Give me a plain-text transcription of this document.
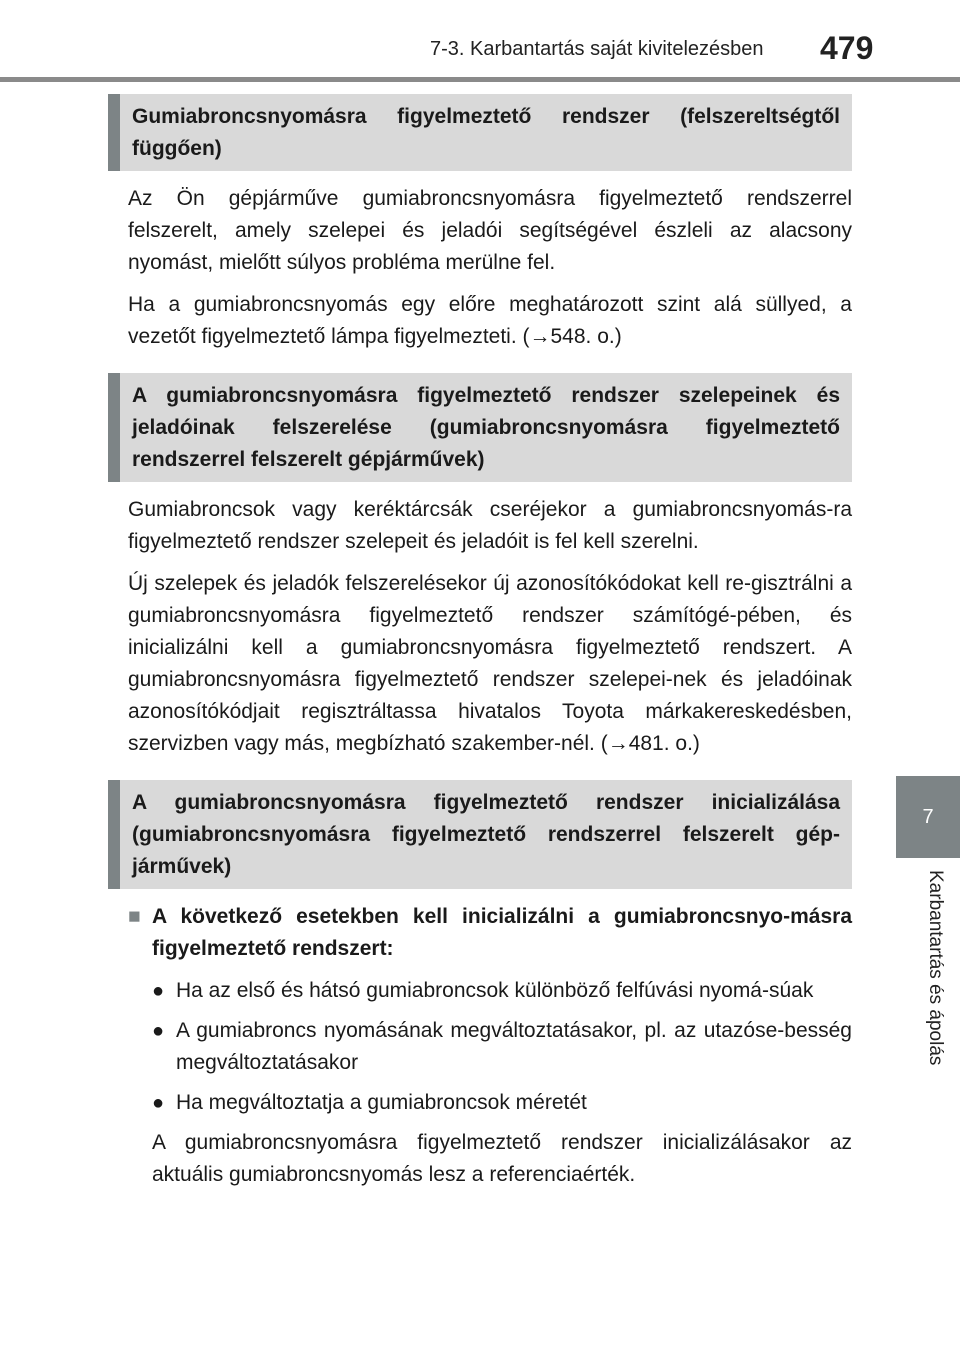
7-3. Karbantartás saját kivitelezésben 479
7
Karbantartás és ápolás
Gumiabroncsnyomásra figyelmeztető rendszer (felszereltségtől függően)

Az Ön gépjárműve gumiabroncsnyomásra figyelmeztető rendszerrel felszerelt, amely szelepei és jeladói segítségével észleli az alacsony nyomást, mielőtt súlyos probléma merülne fel.

Ha a gumiabroncsnyomás egy előre meghatározott szint alá süllyed, a vezetőt figyelmeztető lámpa figyelmezteti. (→548. o.)

A gumiabroncsnyomásra figyelmeztető rendszer szelepeinek és jeladóinak felszerelése (gumiabroncsnyomásra figyelmeztető rendszerrel felszerelt gépjárművek)

Gumiabroncsok vagy keréktárcsák cseréjekor a gumiabroncsnyomás-ra figyelmeztető rendszer szelepeit és jeladóit is fel kell szerelni.

Új szelepek és jeladók felszerelésekor új azonosítókódokat kell re-gisztrálni a gumiabroncsnyomásra figyelmeztető rendszer számítógé-pében, és inicializálni kell a gumiabroncsnyomásra figyelmeztető rendszert. A gumiabroncsnyomásra figyelmeztető rendszer szelepei-nek és jeladóinak azonosítókódjait regisztráltassa hivatalos Toyota márkakereskedésben, szervizben vagy más, megbízható szakember-nél. (→481. o.)

A gumiabroncsnyomásra figyelmeztető rendszer inicializálása (gumiabroncsnyomásra figyelmeztető rendszerrel felszerelt gép-járművek)
■ A következő esetekben kell inicializálni a gumiabroncsnyo-másra figyelmeztető rendszert:
● Ha az első és hátsó gumiabroncsok különböző felfúvási nyomá-súak
● A gumiabroncs nyomásának megváltoztatásakor, pl. az utazóse-besség megváltoztatásakor
● Ha megváltoztatja a gumiabroncsok méretét

A gumiabroncsnyomásra figyelmeztető rendszer inicializálásakor az aktuális gumiabroncsnyomás lesz a referenciaérték.
